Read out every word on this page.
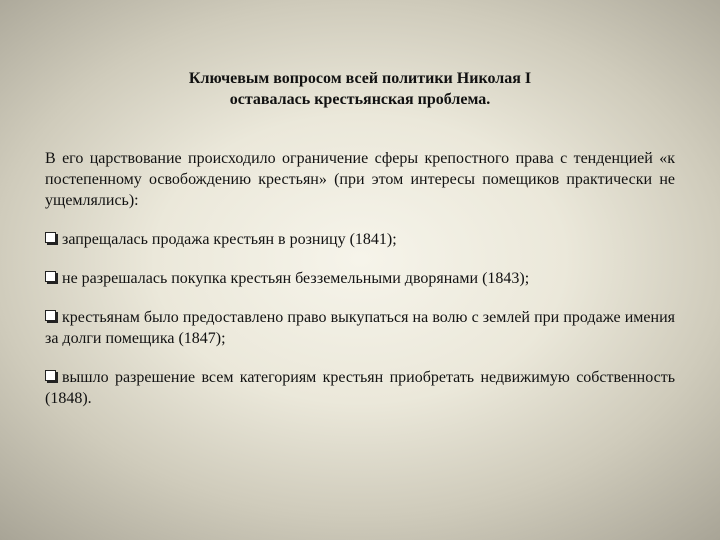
Ключевым вопросом всей политики Николая I
оставалась крестьянская проблема.

В его царствование происходило ограничение сферы крепостного права с тенденцией «к постепенному освобождению крестьян» (при этом интересы помещиков практически не ущемлялись):

запрещалась продажа крестьян в розницу (1841);
не разрешалась покупка крестьян безземельными дворянами (1843);
крестьянам было предоставлено право выкупаться на волю с землей при продаже имения за долги помещика (1847);
вышло разрешение всем категориям крестьян приобретать недвижимую собственность (1848).
